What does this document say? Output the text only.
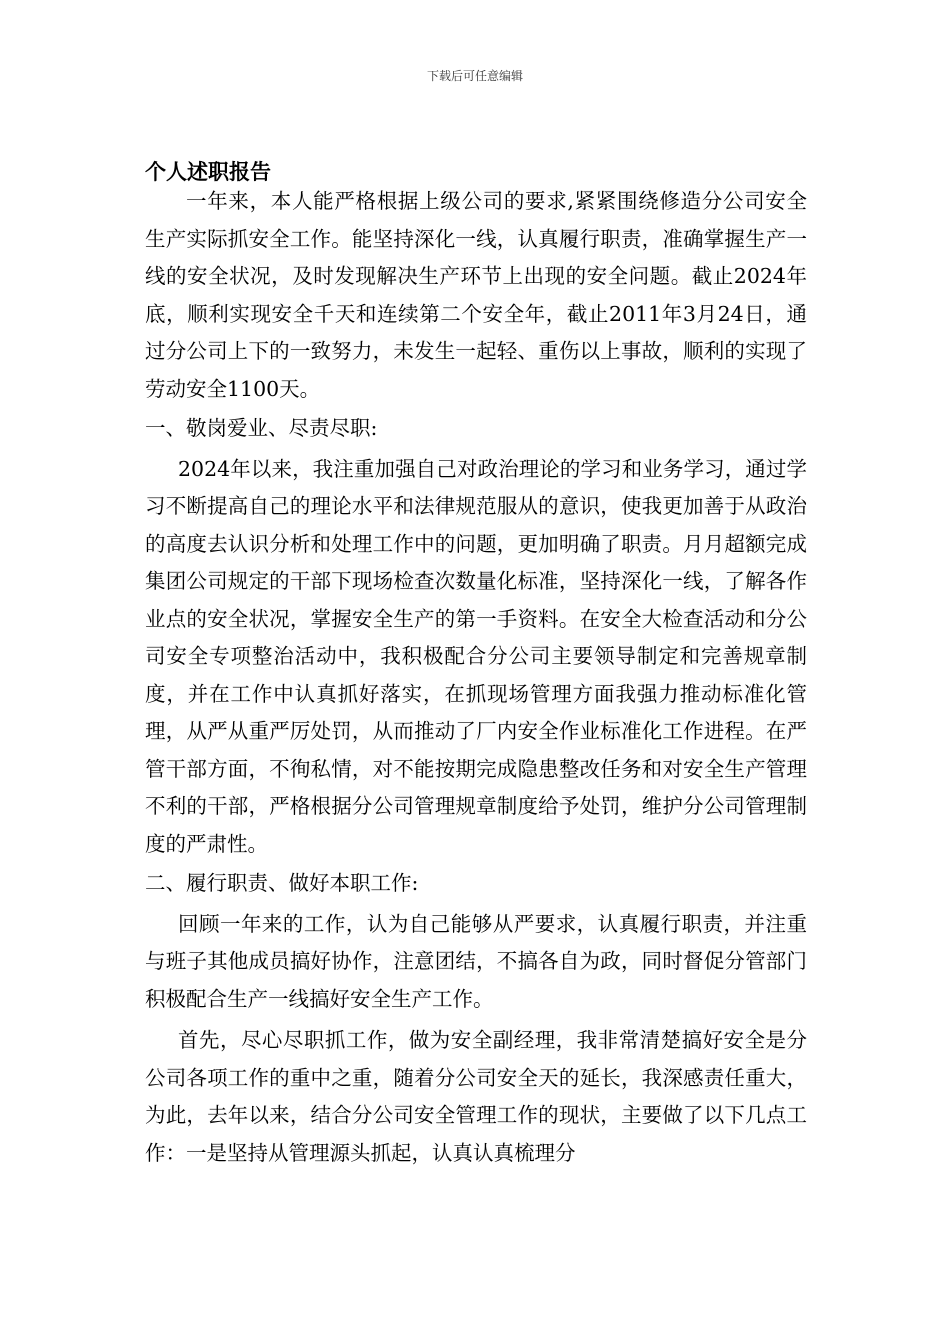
下载后可任意编辑
个人述职报告

一年来，本人能严格根据上级公司的要求,紧紧围绕修造分公司安全生产实际抓安全工作。能坚持深化一线，认真履行职责，准确掌握生产一线的安全状况，及时发现解决生产环节上出现的安全问题。截止2024年底，顺利实现安全千天和连续第二个安全年，截止2011年3月24日，通过分公司上下的一致努力，未发生一起轻、重伤以上事故，顺利的实现了劳动安全1100天。

一、敬岗爱业、尽责尽职:

2024年以来，我注重加强自己对政治理论的学习和业务学习，通过学习不断提高自己的理论水平和法律规范服从的意识，使我更加善于从政治的高度去认识分析和处理工作中的问题，更加明确了职责。月月超额完成集团公司规定的干部下现场检查次数量化标准，坚持深化一线，了解各作业点的安全状况，掌握安全生产的第一手资料。在安全大检查活动和分公司安全专项整治活动中，我积极配合分公司主要领导制定和完善规章制度，并在工作中认真抓好落实，在抓现场管理方面我强力推动标准化管理，从严从重严厉处罚，从而推动了厂内安全作业标准化工作进程。在严管干部方面，不徇私情，对不能按期完成隐患整改任务和对安全生产管理不利的干部，严格根据分公司管理规章制度给予处罚，维护分公司管理制度的严肃性。

二、履行职责、做好本职工作:

回顾一年来的工作，认为自己能够从严要求，认真履行职责，并注重与班子其他成员搞好协作，注意团结，不搞各自为政，同时督促分管部门积极配合生产一线搞好安全生产工作。

首先，尽心尽职抓工作，做为安全副经理，我非常清楚搞好安全是分公司各项工作的重中之重，随着分公司安全天的延长，我深感责任重大，为此，去年以来，结合分公司安全管理工作的现状，主要做了以下几点工作：一是坚持从管理源头抓起，认真认真梳理分
